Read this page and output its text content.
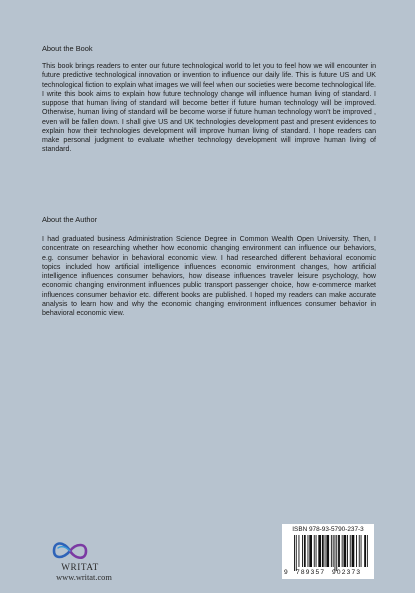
About the Book

This book brings readers to enter our future technological world to let you to feel how we will encounter in future predictive technological innovation or invention to influence our daily life. This is future US and UK technological fiction to explain what images we will feel when our societies were become technological life. I write this book aims to explain how future technology change will influence human living of standard. I suppose that human living of standard will become better if future human technology will be improved. Otherwise, human living of standard will be become worse if future human technology won't be improved , even will be fallen down. I shall give US and UK technologies development past and present evidences to explain how their technologies development will improve human living of standard. I hope readers can make personal judgment to evaluate whether technology development will improve human living of standard.

About the Author

I had graduated business Administration Science Degree in Common Wealth Open University. Then, I concentrate on researching whether how economic changing environment can influence our behaviors, e.g. consumer behavior in behavioral economic view. I had researched different behavioral economic topics included how artificial intelligence influences economic environment changes, how artificial intelligence influences consumer behaviors, how disease influences traveler leisure psychology, how economic changing environment influences public transport passenger choice, how e-commerce market influences consumer behavior etc. different books are published. I hoped my readers can make accurate analysis to learn how and why the economic changing environment influences consumer behavior in behavioral economic view.

WRITAT
www.writat.com
ISBN 978-93-5790-237-3
9 789357 902373
